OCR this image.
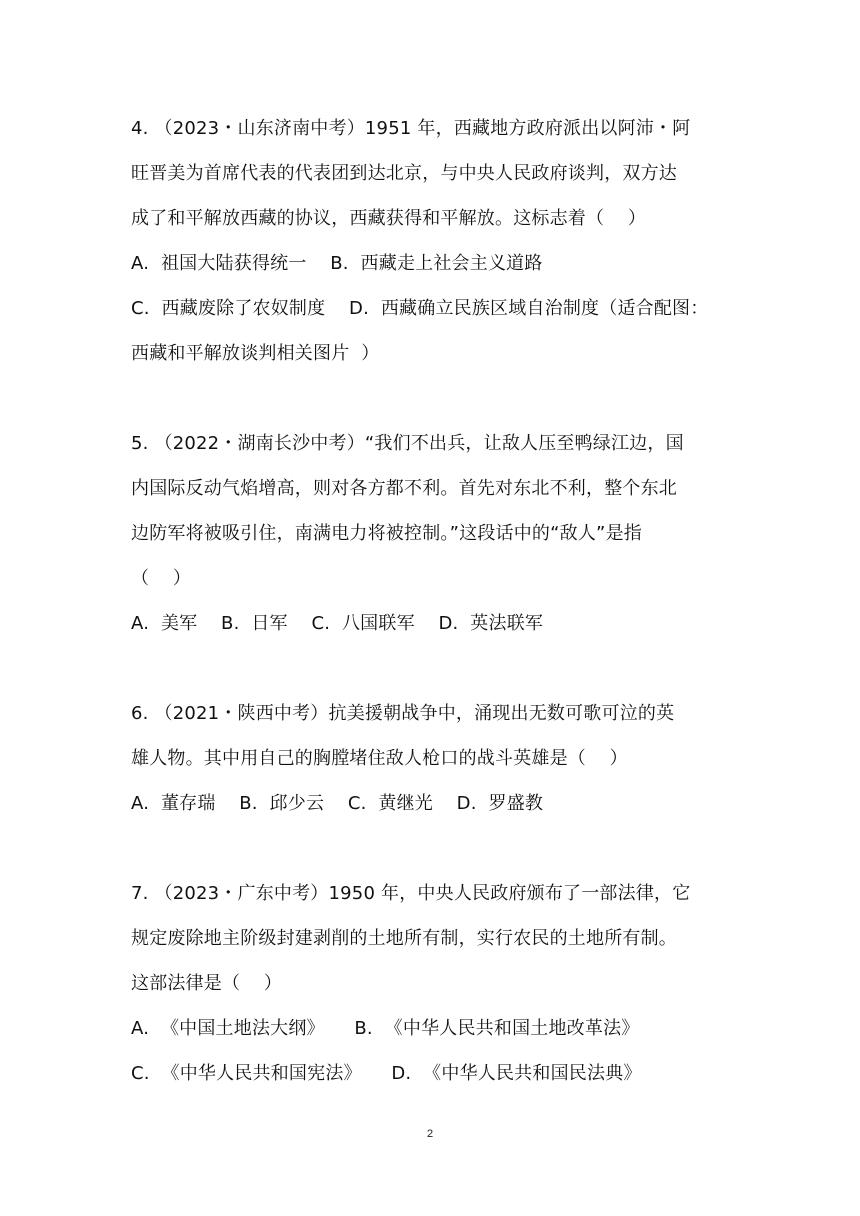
4. （2023・山东济南中考）1951 年，西藏地方政府派出以阿沛・阿
旺晋美为首席代表的代表团到达北京，与中央人民政府谈判，双方达
成了和平解放西藏的协议，西藏获得和平解放。这标志着（    ）
A.  祖国大陆获得统一    B.  西藏走上社会主义道路
C.  西藏废除了农奴制度    D.  西藏确立民族区域自治制度（适合配图：
西藏和平解放谈判相关图片  ）
5. （2022・湖南长沙中考）“我们不出兵，让敌人压至鸭绿江边，国
内国际反动气焰增高，则对各方都不利。首先对东北不利，整个东北
边防军将被吸引住，南满电力将被控制。”这段话中的“敌人”是指
（    ）
A.  美军    B.  日军    C.  八国联军    D.  英法联军
6. （2021・陕西中考）抗美援朝战争中，涌现出无数可歌可泣的英
雄人物。其中用自己的胸膛堵住敌人枪口的战斗英雄是（    ）
A.  董存瑞    B.  邱少云    C.  黄继光    D.  罗盛教
7. （2023・广东中考）1950 年，中央人民政府颁布了一部法律，它
规定废除地主阶级封建剥削的土地所有制，实行农民的土地所有制。
这部法律是（    ）
A.  《中国土地法大纲》     B.  《中华人民共和国土地改革法》
C.  《中华人民共和国宪法》     D.  《中华人民共和国民法典》
2
